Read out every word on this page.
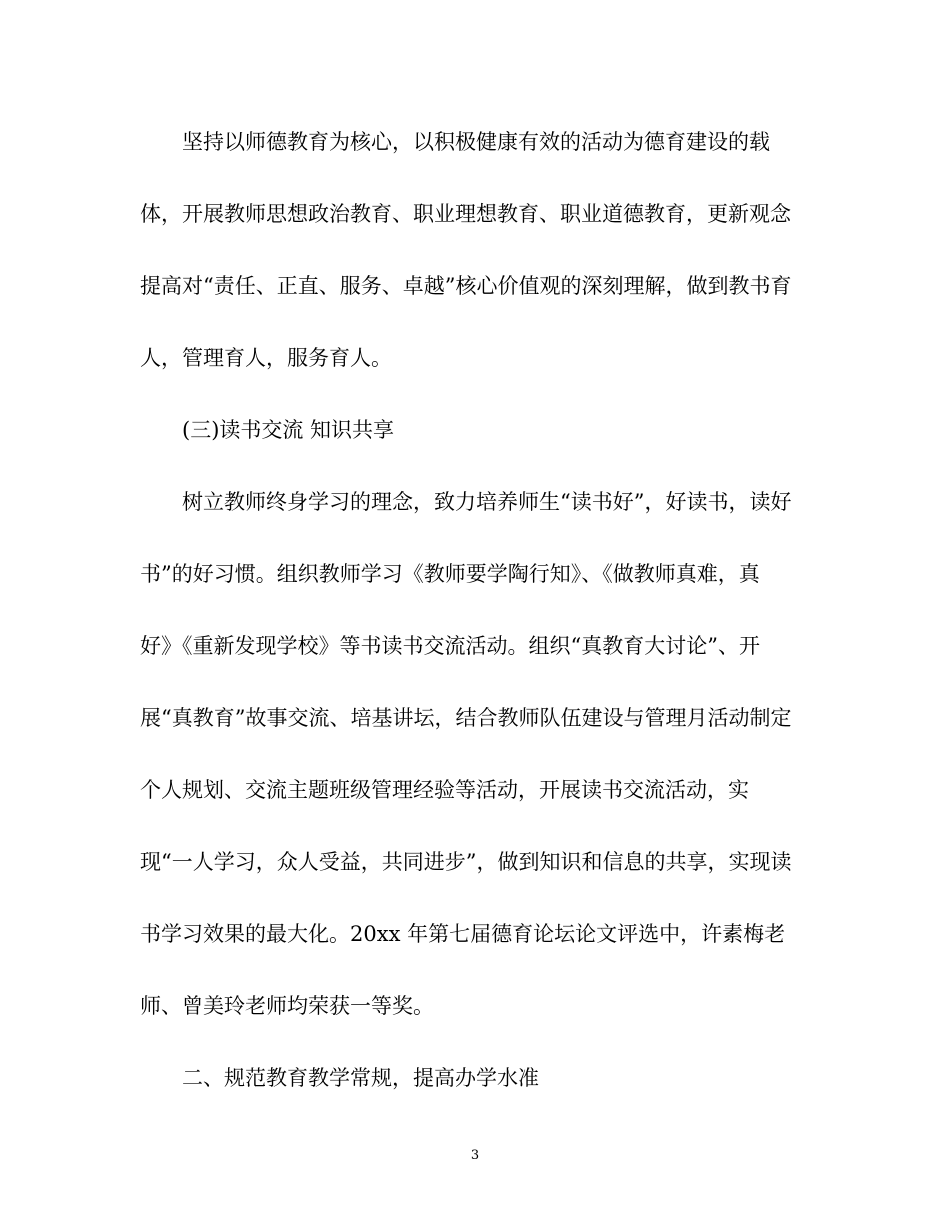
坚持以师德教育为核心，以积极健康有效的活动为德育建设的载
体，开展教师思想政治教育、职业理想教育、职业道德教育，更新观念
提高对“责任、正直、服务、卓越”核心价值观的深刻理解，做到教书育
人，管理育人，服务育人。
(三)读书交流 知识共享
树立教师终身学习的理念，致力培养师生“读书好”，好读书，读好
书”的好习惯。组织教师学习《教师要学陶行知》、《做教师真难，真
好》《重新发现学校》等书读书交流活动。组织“真教育大讨论”、开
展“真教育”故事交流、培基讲坛，结合教师队伍建设与管理月活动制定
个人规划、交流主题班级管理经验等活动，开展读书交流活动，实
现“一人学习，众人受益，共同进步”，做到知识和信息的共享，实现读
书学习效果的最大化。20xx 年第七届德育论坛论文评选中，许素梅老
师、曾美玲老师均荣获一等奖。
二、规范教育教学常规，提高办学水准
3
